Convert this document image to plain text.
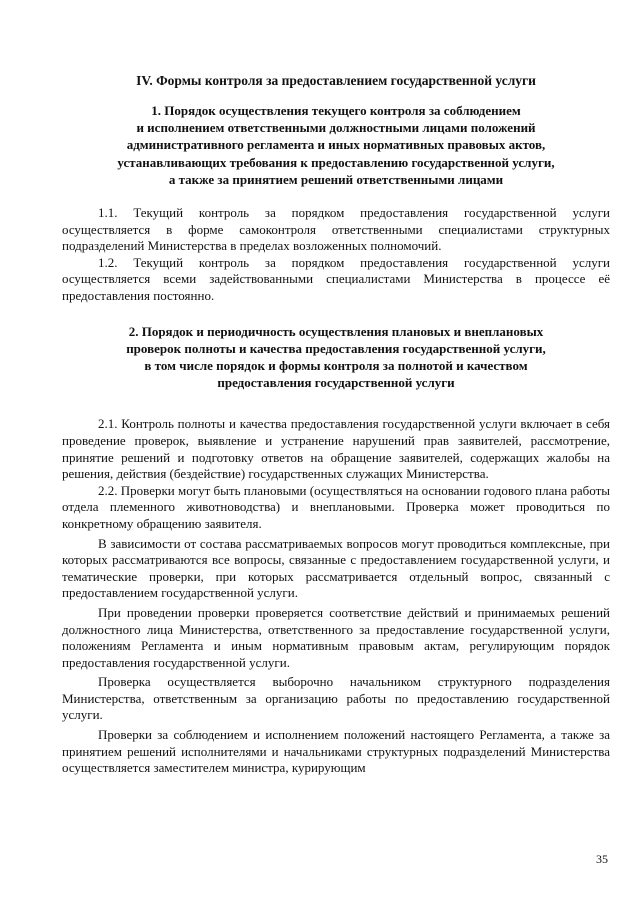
IV. Формы контроля за предоставлением государственной услуги
1. Порядок осуществления текущего контроля за соблюдением
и исполнением ответственными должностными лицами положений
административного регламента и иных нормативных правовых актов,
устанавливающих требования к предоставлению государственной услуги,
а также за принятием решений ответственными лицами

1.1. Текущий контроль за порядком предоставления государственной услуги осуществляется в форме самоконтроля ответственными специалистами структурных подразделений Министерства в пределах возложенных полномочий.

1.2. Текущий контроль за порядком предоставления государственной услуги осуществляется всеми задействованными специалистами Министерства в процессе её предоставления постоянно.

2. Порядок и периодичность осуществления плановых и внеплановых
проверок полноты и качества предоставления государственной услуги,
в том числе порядок и формы контроля за полнотой и качеством
предоставления государственной услуги

2.1. Контроль полноты и качества предоставления государственной услуги включает в себя проведение проверок, выявление и устранение нарушений прав заявителей, рассмотрение, принятие решений и подготовку ответов на обращение заявителей, содержащих жалобы на решения, действия (бездействие) государственных служащих Министерства.

2.2. Проверки могут быть плановыми (осуществляться на основании годового плана работы отдела племенного животноводства) и внеплановыми. Проверка может проводиться по конкретному обращению заявителя.

В зависимости от состава рассматриваемых вопросов могут проводиться комплексные, при которых рассматриваются все вопросы, связанные с предоставлением государственной услуги, и тематические проверки, при которых рассматривается отдельный вопрос, связанный с предоставлением государственной услуги.

При проведении проверки проверяется соответствие действий и принимаемых решений должностного лица Министерства, ответственного за предоставление государственной услуги, положениям Регламента и иным нормативным правовым актам, регулирующим порядок предоставления государственной услуги.

Проверка осуществляется выборочно начальником структурного подразделения Министерства, ответственным за организацию работы по предоставлению государственной услуги.

Проверки за соблюдением и исполнением положений настоящего Регламента, а также за принятием решений исполнителями и начальниками структурных подразделений Министерства осуществляется заместителем министра, курирующим

35
